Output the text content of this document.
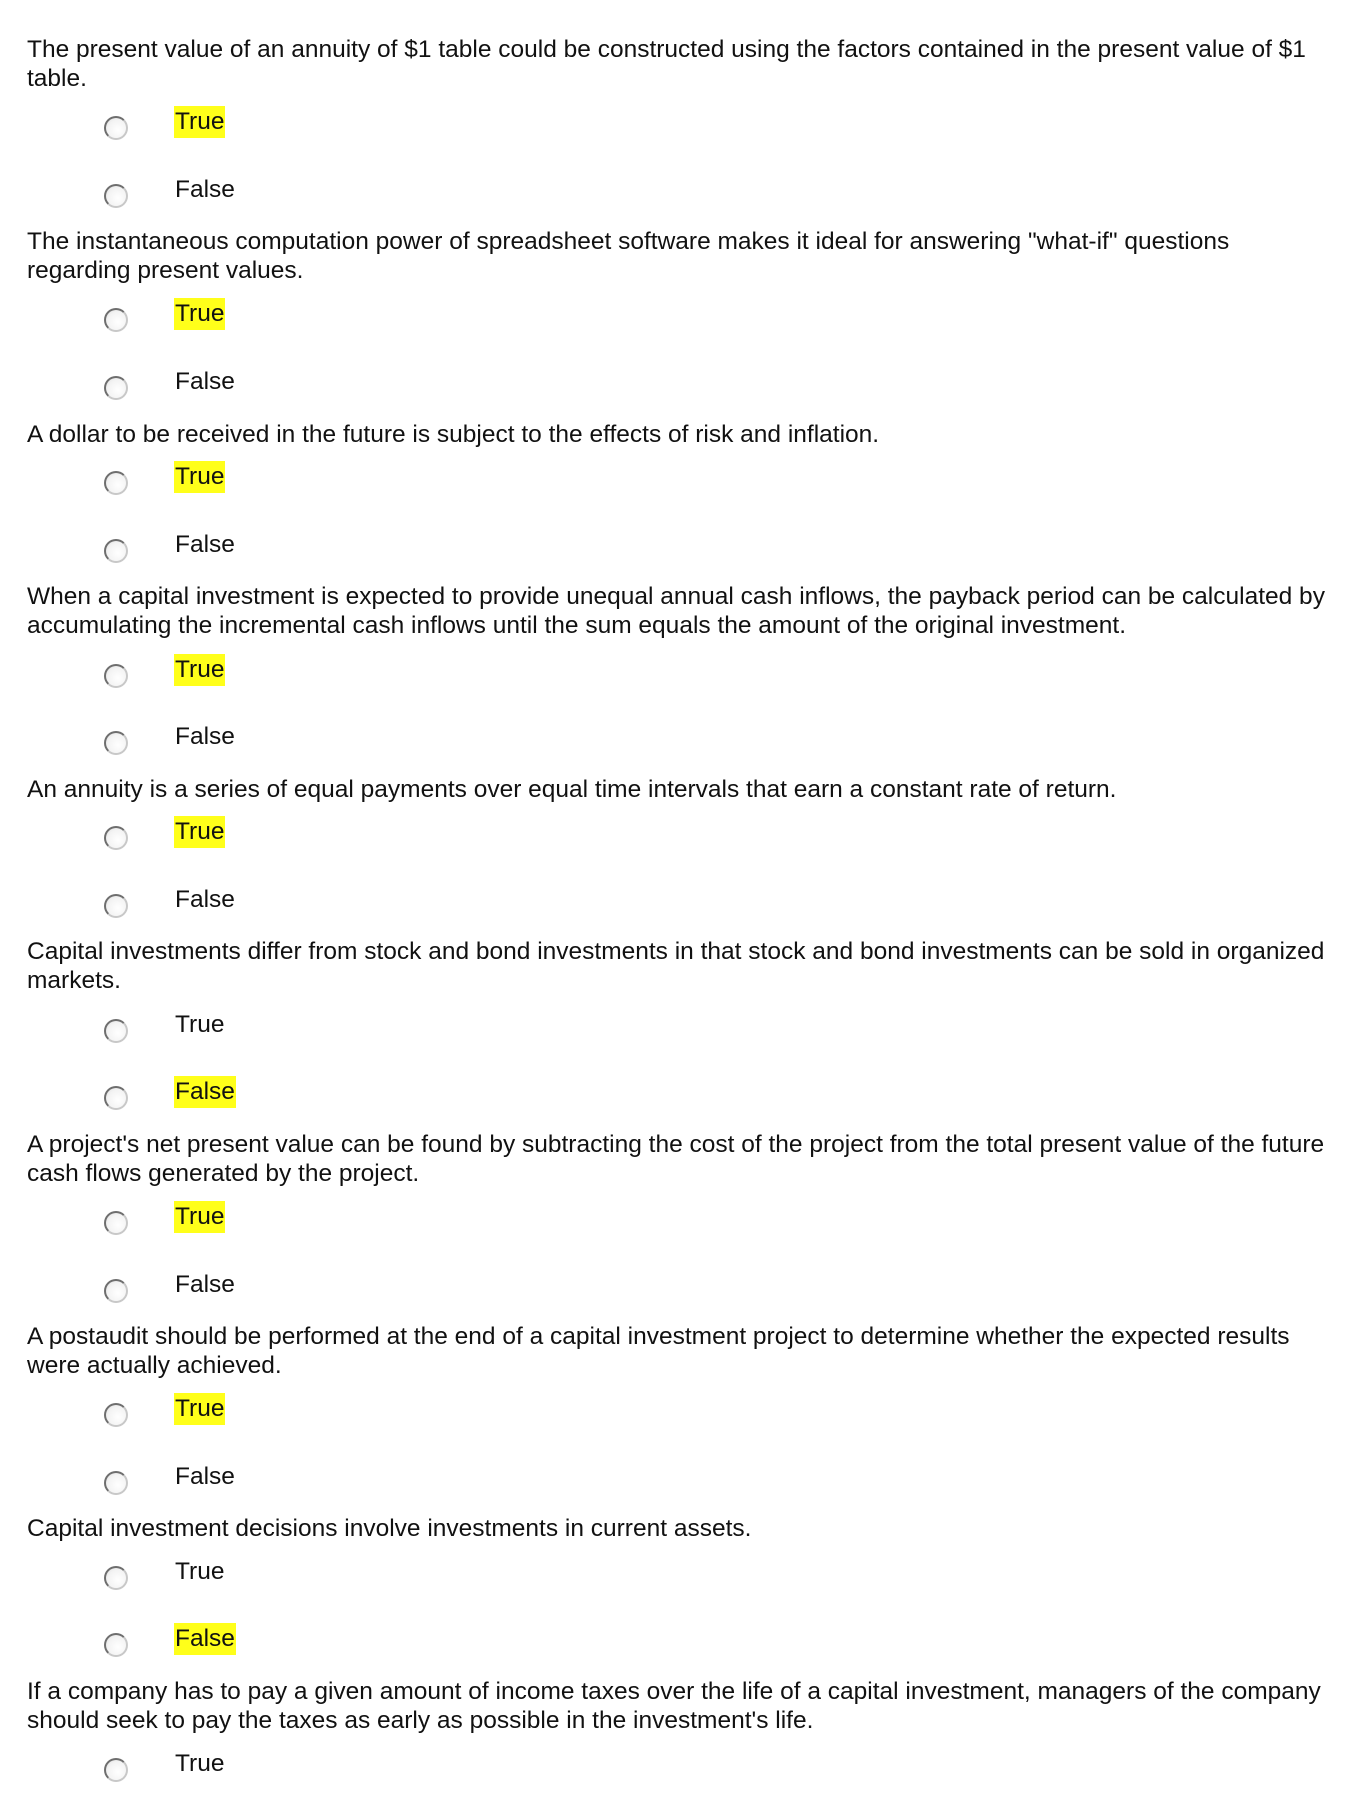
The present value of an annuity of $1 table could be constructed using the factors contained in the present value of $1 table.

True
False

The instantaneous computation power of spreadsheet software makes it ideal for answering "what-if" questions regarding present values.

True
False

A dollar to be received in the future is subject to the effects of risk and inflation.

True
False

When a capital investment is expected to provide unequal annual cash inflows, the payback period can be calculated by accumulating the incremental cash inflows until the sum equals the amount of the original investment.

True
False

An annuity is a series of equal payments over equal time intervals that earn a constant rate of return.

True
False

Capital investments differ from stock and bond investments in that stock and bond investments can be sold in organized markets.

True
False

A project's net present value can be found by subtracting the cost of the project from the total present value of the future cash flows generated by the project.

True
False

A postaudit should be performed at the end of a capital investment project to determine whether the expected results were actually achieved.

True
False

Capital investment decisions involve investments in current assets.

True
False

If a company has to pay a given amount of income taxes over the life of a capital investment, managers of the company should seek to pay the taxes as early as possible in the investment's life.

True
